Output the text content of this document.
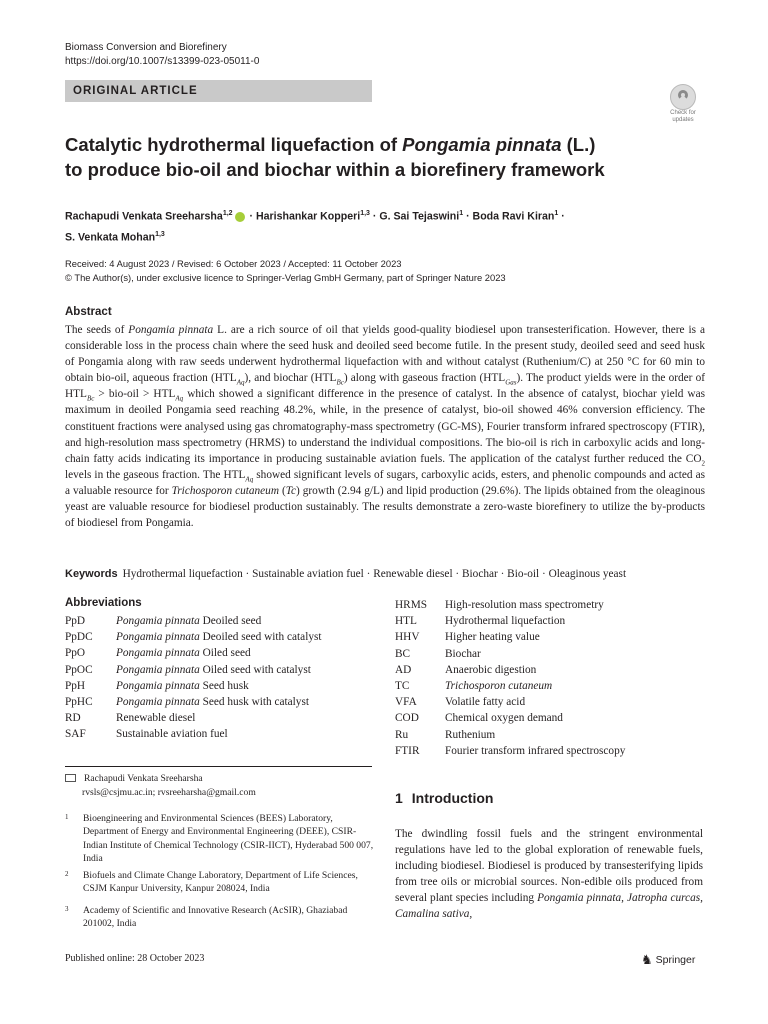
Biomass Conversion and Biorefinery
https://doi.org/10.1007/s13399-023-05011-0
ORIGINAL ARTICLE
Check for
updates
Catalytic hydrothermal liquefaction of Pongamia pinnata (L.)
to produce bio-oil and biochar within a biorefinery framework
Rachapudi Venkata Sreeharsha$^{1,2}$ · Harishankar Kopperi$^{1,3}$ · G. Sai Tejaswini$^1$ · Boda Ravi Kiran$^1$ ·
S. Venkata Mohan$^{1,3}$
Received: 4 August 2023 / Revised: 6 October 2023 / Accepted: 11 October 2023
© The Author(s), under exclusive licence to Springer-Verlag GmbH Germany, part of Springer Nature 2023
Abstract
The seeds of Pongamia pinnata L. are a rich source of oil that yields good-quality biodiesel upon transesterification. However, there is a considerable loss in the process chain where the seed husk and deoiled seed become futile. In the present study, deoiled seed and seed husk of Pongamia along with raw seeds underwent hydrothermal liquefaction with and without catalyst (Ruthenium/C) at 250 °C for 60 min to obtain bio-oil, aqueous fraction $(HTL_{Aq})$, and biochar $(HTL_{Bc})$ along with gaseous fraction $(HTL_{Gas})$. The product yields were in the order of $HTL_{Bc} > bio-oil > HTL_{Aq}$ which showed a significant difference in the presence of catalyst. In the absence of catalyst, biochar yield was maximum in deoiled Pongamia seed reaching 48.2%, while, in the presence of catalyst, bio-oil showed 46% conversion efficiency. The constituent fractions were analysed using gas chromatography-mass spectrometry (GC-MS), Fourier transform infrared spectroscopy (FTIR), and high-resolution mass spectrometry (HRMS) to understand the individual compositions. The bio-oil is rich in carboxylic acids and long-chain fatty acids indicating its importance in producing sustainable aviation fuels. The application of the catalyst further reduced the $CO_2$ levels in the gaseous fraction. The $HTL_{Aq}$ showed significant levels of sugars, carboxylic acids, esters, and phenolic compounds and acted as a valuable resource for Trichosporon cutaneum (Tc) growth (2.94 g/L) and lipid production (29.6%). The lipids obtained from the oleaginous yeast are valuable resource for biodiesel production sustainably. The results demonstrate a zero-waste biorefinery to utilize the by-products of biodiesel from Pongamia.
Keywords Hydrothermal liquefaction · Sustainable aviation fuel · Renewable diesel · Biochar · Bio-oil · Oleaginous yeast
Abbreviations
PpD	Pongamia pinnata Deoiled seed
PpDC	Pongamia pinnata Deoiled seed with catalyst
PpO	Pongamia pinnata Oiled seed
PpOC	Pongamia pinnata Oiled seed with catalyst
PpH	Pongamia pinnata Seed husk
PpHC	Pongamia pinnata Seed husk with catalyst
RD	Renewable diesel
SAF	Sustainable aviation fuel
HRMS	High-resolution mass spectrometry
HTL	Hydrothermal liquefaction
HHV	Higher heating value
BC	Biochar
AD	Anaerobic digestion
TC	Trichosporon cutaneum
VFA	Volatile fatty acid
COD	Chemical oxygen demand
Ru	Ruthenium
FTIR	Fourier transform infrared spectroscopy
Rachapudi Venkata Sreeharsha
rvsls@csjmu.ac.in; rvsreeharsha@gmail.com
1 Bioengineering and Environmental Sciences (BEES) Laboratory, Department of Energy and Environmental Engineering (DEEE), CSIR-Indian Institute of Chemical Technology (CSIR-IICT), Hyderabad 500 007, India
2 Biofuels and Climate Change Laboratory, Department of Life Sciences, CSJM Kanpur University, Kanpur 208024, India
3 Academy of Scientific and Innovative Research (AcSIR), Ghaziabad 201002, India
1 Introduction
The dwindling fossil fuels and the stringent environmental regulations have led to the global exploration of renewable fuels, including biodiesel. Biodiesel is produced by transesterifying lipids from tree oils or microbial sources. Non-edible oils produced from several plant species including Pongamia pinnata, Jatropha curcas, Camalina sativa,
Published online: 28 October 2023	♞ Springer
